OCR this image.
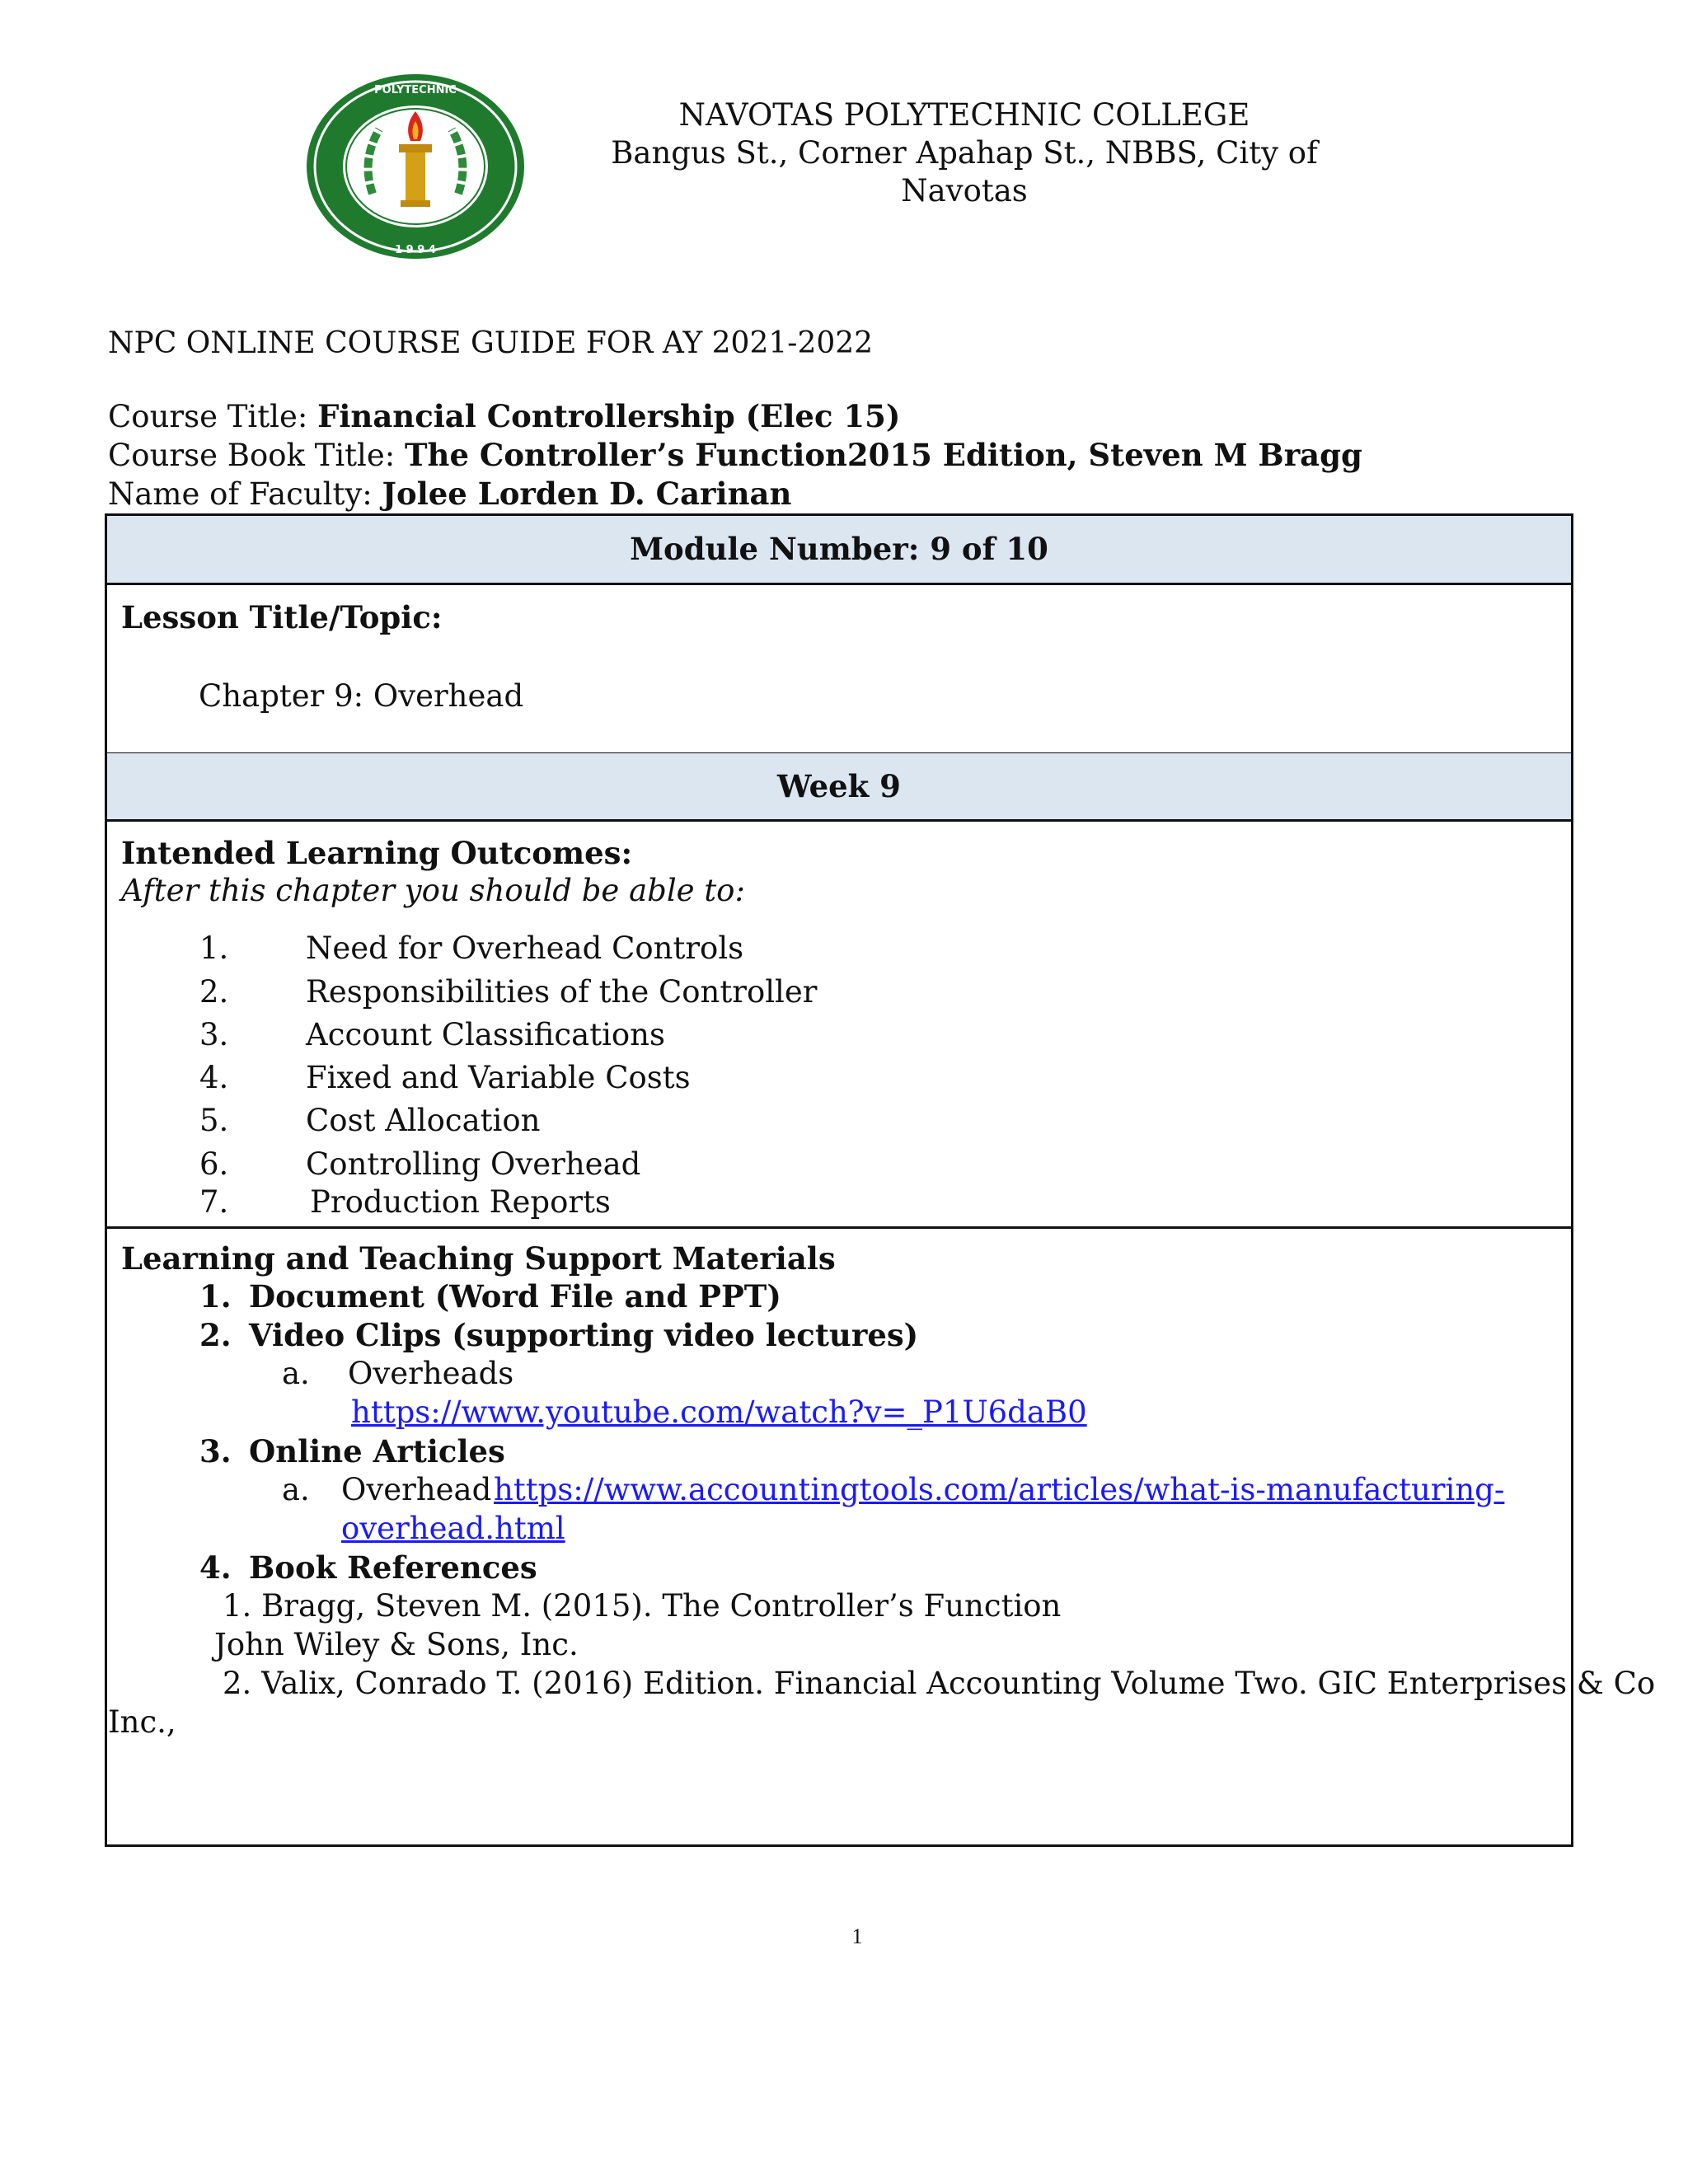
POLYTECHNIC
1 9 9 4
NAVOTAS POLYTECHNIC COLLEGE
Bangus St., Corner Apahap St., NBBS, City of Navotas
NPC ONLINE COURSE GUIDE FOR AY 2021-2022
Course Title: Financial Controllership (Elec 15)
Course Book Title: The Controller’s Function2015 Edition, Steven M Bragg
Name of Faculty: Jolee Lorden D. Carinan
Module Number: 9 of 10
Lesson Title/Topic:
Chapter 9: Overhead
Week 9
Intended Learning Outcomes:
After this chapter you should be able to:
1.	Need for Overhead Controls
2.	Responsibilities of the Controller
3.	Account Classifications
4.	Fixed and Variable Costs
5.	Cost Allocation
6.	Controlling Overhead
7.	Production Reports
Learning and Teaching Support Materials
1. Document (Word File and PPT)
2. Video Clips (supporting video lectures)
a. Overheads
https://www.youtube.com/watch?v=_P1U6daB0
3. Online Articles
a. Overhead https://www.accountingtools.com/articles/what-is-manufacturing-
overhead.html
4. Book References
1. Bragg, Steven M. (2015). The Controller’s Function
John Wiley & Sons, Inc.
2. Valix, Conrado T. (2016) Edition. Financial Accounting Volume Two. GIC Enterprises & Co
Inc.,
1
